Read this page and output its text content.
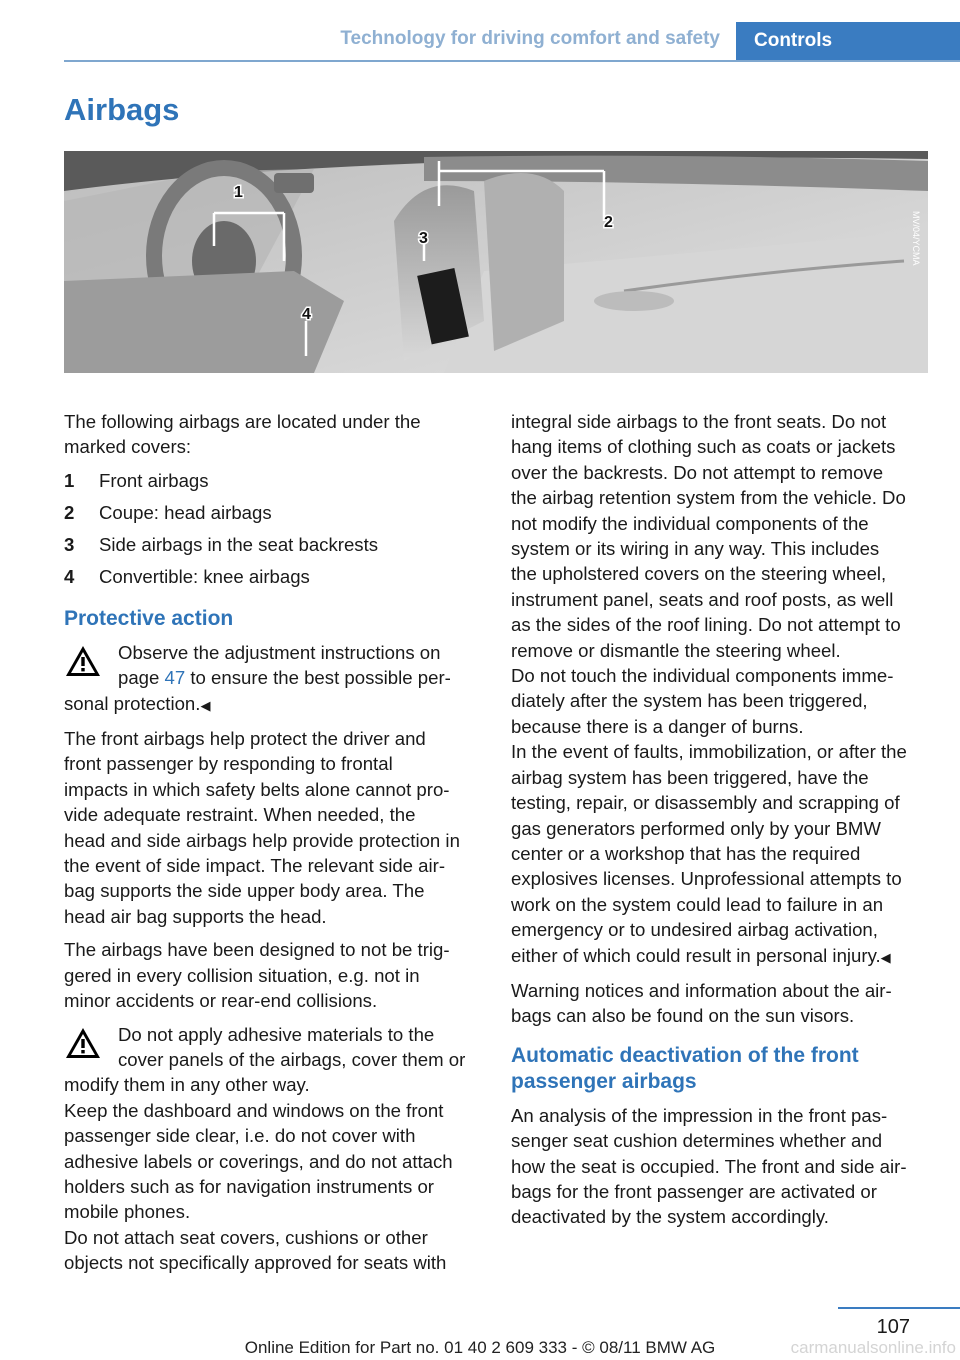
Technology for driving comfort and safety	Controls
Airbags
1
2
3
4
MV/04/YCMA

The following airbags are located under the
marked covers:

1	Front airbags
2	Coupe: head airbags
3	Side airbags in the seat backrests
4	Convertible: knee airbags
Protective action
Observe the adjustment instructions on
page 47 to ensure the best possible per-

sonal protection.◀

The front airbags help protect the driver and
front passenger by responding to frontal
impacts in which safety belts alone cannot pro-
vide adequate restraint. When needed, the
head and side airbags help provide protection in
the event of side impact. The relevant side air-
bag supports the side upper body area. The
head air bag supports the head.

The airbags have been designed to not be trig-
gered in every collision situation, e.g. not in
minor accidents or rear-end collisions.

Do not apply adhesive materials to the
cover panels of the airbags, cover them or
modify them in any other way.
Keep the dashboard and windows on the front
passenger side clear, i.e. do not cover with
adhesive labels or coverings, and do not attach
holders such as for navigation instruments or
mobile phones.
Do not attach seat covers, cushions or other
objects not specifically approved for seats with

integral side airbags to the front seats. Do not
hang items of clothing such as coats or jackets
over the backrests. Do not attempt to remove
the airbag retention system from the vehicle. Do
not modify the individual components of the
system or its wiring in any way. This includes
the upholstered covers on the steering wheel,
instrument panel, seats and roof posts, as well
as the sides of the roof lining. Do not attempt to
remove or dismantle the steering wheel.
Do not touch the individual components imme-
diately after the system has been triggered,
because there is a danger of burns.
In the event of faults, immobilization, or after the
airbag system has been triggered, have the
testing, repair, or disassembly and scrapping of
gas generators performed only by your BMW
center or a workshop that has the required
explosives licenses. Unprofessional attempts to
work on the system could lead to failure in an
emergency or to undesired airbag activation,
either of which could result in personal injury.◀

Warning notices and information about the air-
bags can also be found on the sun visors.

Automatic deactivation of the front
passenger airbags

An analysis of the impression in the front pas-
senger seat cushion determines whether and
how the seat is occupied. The front and side air-
bags for the front passenger are activated or
deactivated by the system accordingly.

107
Online Edition for Part no. 01 40 2 609 333 - © 08/11 BMW AG	carmanualsonline.info
